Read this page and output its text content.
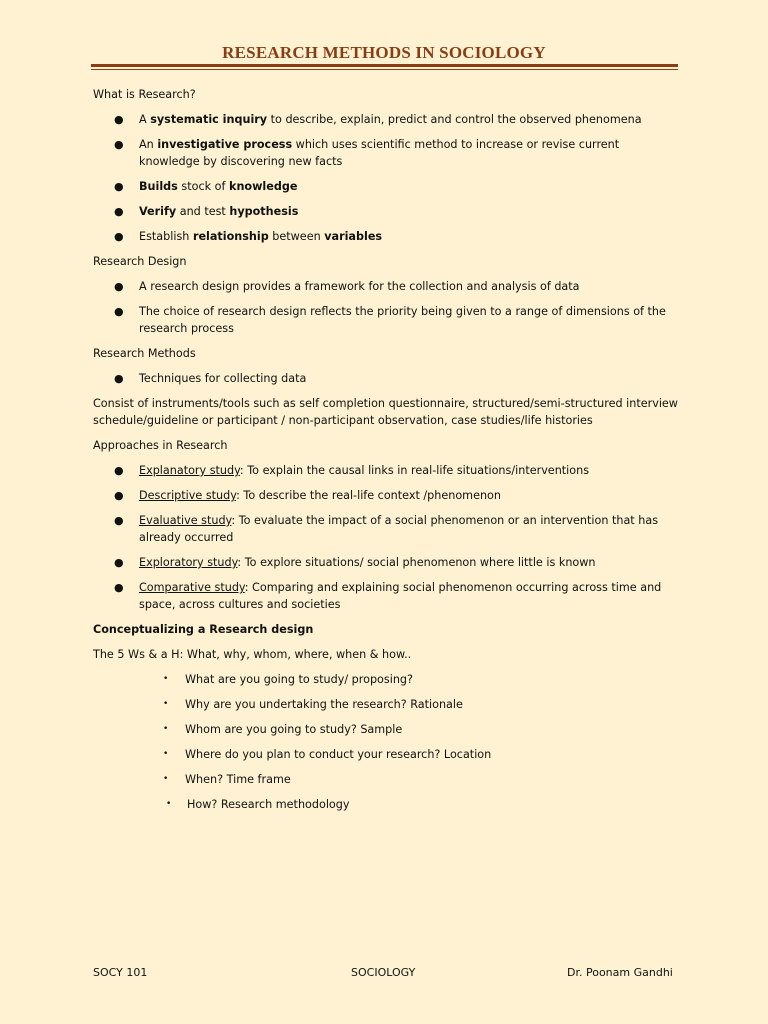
RESEARCH METHODS IN SOCIOLOGY
What is Research?
● A systematic inquiry to describe, explain, predict and control the observed phenomena
● An investigative process which uses scientific method to increase or revise current knowledge by discovering new facts
● Builds stock of knowledge
● Verify and test hypothesis
● Establish relationship between variables
Research Design
● A research design provides a framework for the collection and analysis of data
● The choice of research design reflects the priority being given to a range of dimensions of the research process
Research Methods
● Techniques for collecting data
Consist of instruments/tools such as self completion questionnaire, structured/semi-structured interview schedule/guideline or participant / non-participant observation, case studies/life histories
Approaches in Research
● Explanatory study: To explain the causal links in real-life situations/interventions
● Descriptive study: To describe the real-life context /phenomenon
● Evaluative study: To evaluate the impact of a social phenomenon or an intervention that has already occurred
● Exploratory study: To explore situations/ social phenomenon where little is known
● Comparative study: Comparing and explaining social phenomenon occurring across time and space, across cultures and societies
Conceptualizing a Research design
The 5 Ws & a H: What, why, whom, where, when & how..
• What are you going to study/ proposing?
• Why are you undertaking the research? Rationale
• Whom are you going to study? Sample
• Where do you plan to conduct your research? Location
• When? Time frame
• How? Research methodology
SOCY 101	SOCIOLOGY	Dr. Poonam Gandhi
